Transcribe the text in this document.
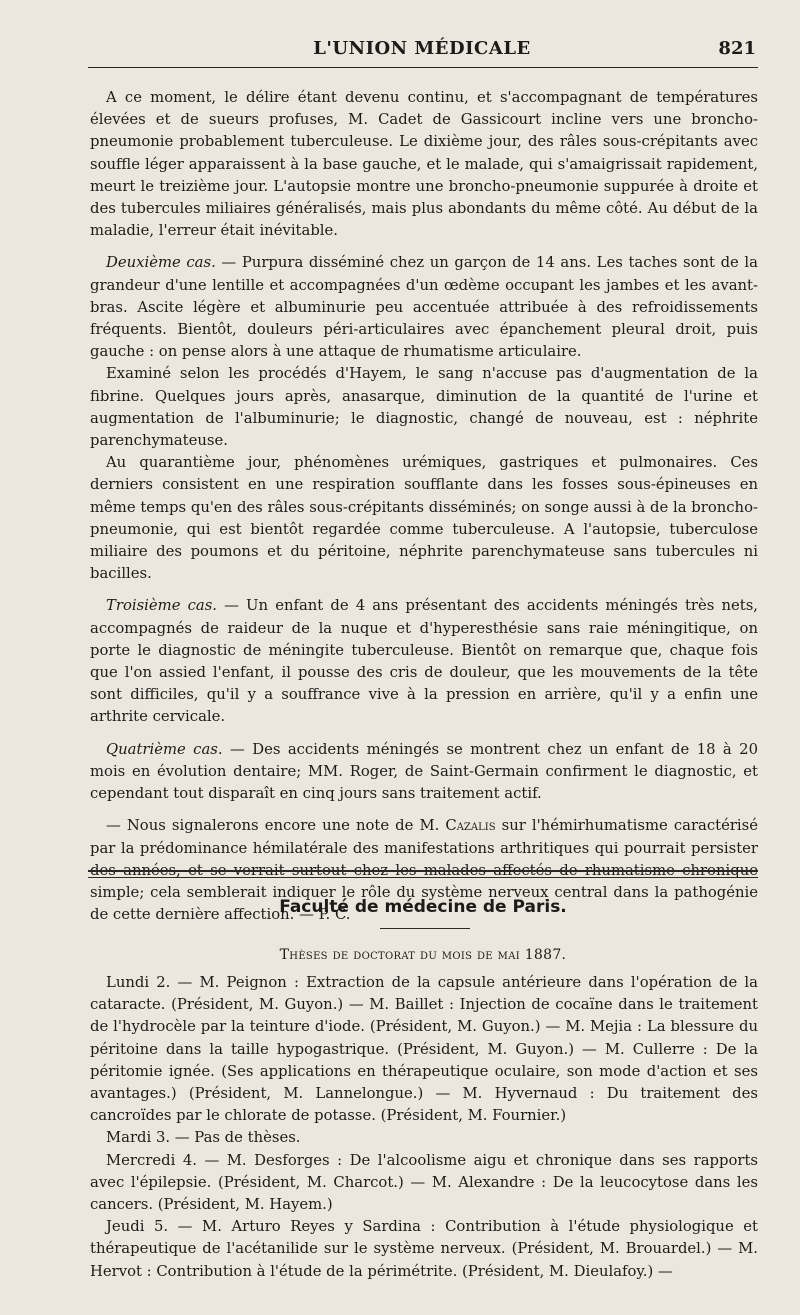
L'UNION MÉDICALE	821

A ce moment, le délire étant devenu continu, et s'accompagnant de températures élevées et de sueurs profuses, M. Cadet de Gassicourt incline vers une broncho-pneumonie probablement tuberculeuse. Le dixième jour, des râles sous-crépitants avec souffle léger apparaissent à la base gauche, et le malade, qui s'amaigrissait rapidement, meurt le treizième jour. L'autopsie montre une broncho-pneumonie suppurée à droite et des tubercules miliaires généralisés, mais plus abondants du même côté. Au début de la maladie, l'erreur était inévitable.

Deuxième cas. — Purpura disséminé chez un garçon de 14 ans. Les taches sont de la grandeur d'une lentille et accompagnées d'un œdème occupant les jambes et les avant-bras. Ascite légère et albuminurie peu accentuée attribuée à des refroidissements fréquents. Bientôt, douleurs péri-articulaires avec épanchement pleural droit, puis gauche : on pense alors à une attaque de rhumatisme articulaire.

Examiné selon les procédés d'Hayem, le sang n'accuse pas d'augmentation de la fibrine. Quelques jours après, anasarque, diminution de la quantité de l'urine et augmentation de l'albuminurie; le diagnostic, changé de nouveau, est : néphrite parenchymateuse.

Au quarantième jour, phénomènes urémiques, gastriques et pulmonaires. Ces derniers consistent en une respiration soufflante dans les fosses sous-épineuses en même temps qu'en des râles sous-crépitants disséminés; on songe aussi à de la broncho-pneumonie, qui est bientôt regardée comme tuberculeuse. A l'autopsie, tuberculose miliaire des poumons et du péritoine, néphrite parenchymateuse sans tubercules ni bacilles.

Troisième cas. — Un enfant de 4 ans présentant des accidents méningés très nets, accompagnés de raideur de la nuque et d'hyperesthésie sans raie méningitique, on porte le diagnostic de méningite tuberculeuse. Bientôt on remarque que, chaque fois que l'on assied l'enfant, il pousse des cris de douleur, que les mouvements de la tête sont difficiles, qu'il y a souffrance vive à la pression en arrière, qu'il y a enfin une arthrite cervicale.

Quatrième cas. — Des accidents méningés se montrent chez un enfant de 18 à 20 mois en évolution dentaire; MM. Roger, de Saint-Germain confirment le diagnostic, et cependant tout disparaît en cinq jours sans traitement actif.

— Nous signalerons encore une note de M. Cazalis sur l'hémirhumatisme caractérisé par la prédominance hémilatérale des manifestations arthritiques qui pourrait persister des années, et se verrait surtout chez les malades affectés de rhumatisme chronique simple; cela semblerait indiquer le rôle du système nerveux central dans la pathogénie de cette dernière affection. — P. C.

Faculté de médecine de Paris.
Thèses de doctorat du mois de mai 1887.

Lundi 2. — M. Peignon : Extraction de la capsule antérieure dans l'opération de la cataracte. (Président, M. Guyon.) — M. Baillet : Injection de cocaïne dans le traitement de l'hydrocèle par la teinture d'iode. (Président, M. Guyon.) — M. Mejia : La blessure du péritoine dans la taille hypogastrique. (Président, M. Guyon.) — M. Cullerre : De la péritomie ignée. (Ses applications en thérapeutique oculaire, son mode d'action et ses avantages.) (Président, M. Lannelongue.) — M. Hyvernaud : Du traitement des cancroïdes par le chlorate de potasse. (Président, M. Fournier.)

Mardi 3. — Pas de thèses.

Mercredi 4. — M. Desforges : De l'alcoolisme aigu et chronique dans ses rapports avec l'épilepsie. (Président, M. Charcot.) — M. Alexandre : De la leucocytose dans les cancers. (Président, M. Hayem.)

Jeudi 5. — M. Arturo Reyes y Sardina : Contribution à l'étude physiologique et thérapeutique de l'acétanilide sur le système nerveux. (Président, M. Brouardel.) — M. Hervot : Contribution à l'étude de la périmétrite. (Président, M. Dieulafoy.) —
